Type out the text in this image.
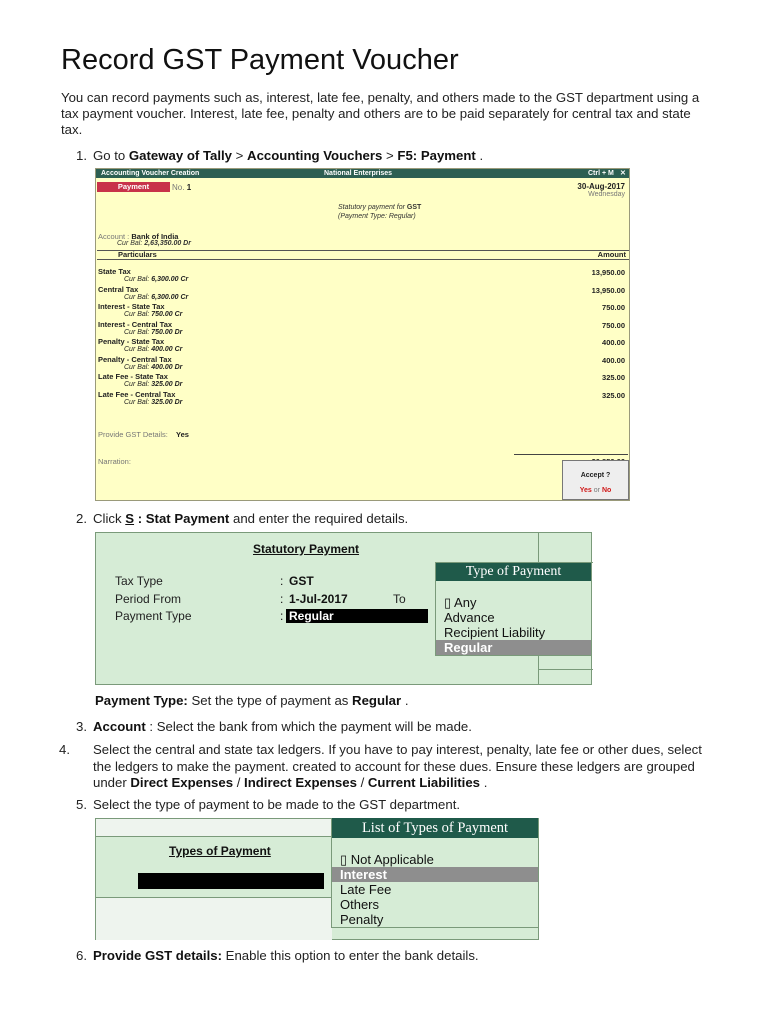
Record GST Payment Voucher
You can record payments such as, interest, late fee, penalty, and others made to the GST department using a tax payment voucher. Interest, late fee, penalty and others are to be paid separately for central tax and state tax.
1. Go to Gateway of Tally > Accounting Vouchers > F5: Payment .
Accounting Voucher Creation	National Enterprises	Ctrl + M ✕
Payment	No. 1	30-Aug-2017
Wednesday
Statutory payment for GST
(Payment Type: Regular)
Account : Bank of India
Cur Bal: 2,63,350.00 Dr
Particulars	Amount
State Tax	13,950.00
Cur Bal: 6,300.00 Cr
Central Tax	13,950.00
Cur Bal: 6,300.00 Cr
Interest - State Tax	750.00
Cur Bal: 750.00 Cr
Interest - Central Tax	750.00
Cur Bal: 750.00 Dr
Penalty - State Tax	400.00
Cur Bal: 400.00 Cr
Penalty - Central Tax	400.00
Cur Bal: 400.00 Dr
Late Fee - State Tax	325.00
Cur Bal: 325.00 Dr
Late Fee - Central Tax	325.00
Cur Bal: 325.00 Dr
Provide GST Details: Yes
Narration:
Accept ?
Yes or No
2. Click S : Stat Payment and enter the required details.
Statutory Payment
Tax Type	: GST
Period From	: 1-Jul-2017	To
Payment Type	: Regular
Type of Payment
▯ Any
Advance
Recipient Liability
Regular
Payment Type: Set the type of payment as Regular .
3. Account : Select the bank from which the payment will be made.
4. Select the central and state tax ledgers. If you have to pay interest, penalty, late fee or other dues, select the ledgers to make the payment. created to account for these dues. Ensure these ledgers are grouped under Direct Expenses / Indirect Expenses / Current Liabilities .
5. Select the type of payment to be made to the GST department.
Types of Payment
List of Types of Payment
▯ Not Applicable
Interest
Late Fee
Others
Penalty
6. Provide GST details: Enable this option to enter the bank details.
